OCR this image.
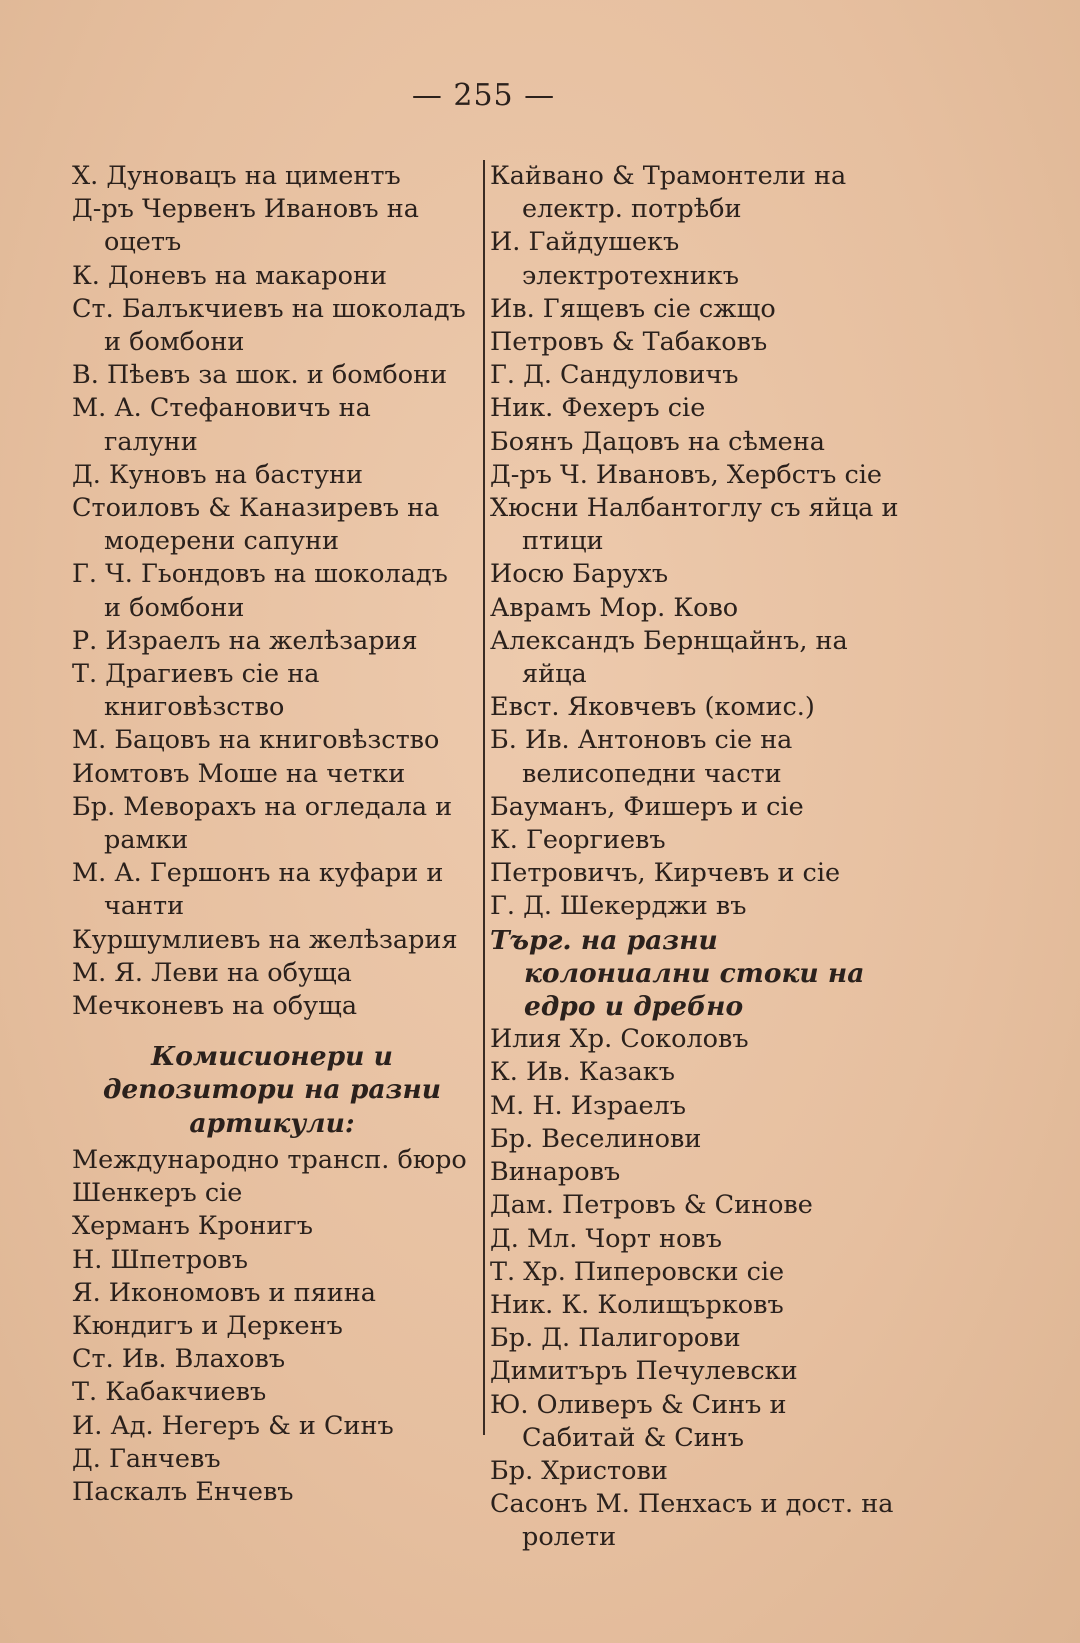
— 255 —
Х. Дуновацъ на циментъ
Д-ръ Червенъ Ивановъ на оцетъ
К. Доневъ на макарони
Ст. Балъкчиевъ на шоколадъ и бомбони
В. Пѣевъ за шок. и бомбони
М. А. Стефановичъ на галуни
Д. Куновъ на бастуни
Стоиловъ & Каназиревъ на модерени сапуни
Г. Ч. Гьондовъ на шоколадъ и бомбони
Р. Израелъ на желѣзария
Т. Драгиевъ сіе на книговѣзство
М. Бацовъ на книговѣзство
Иомтовъ Моше на четки
Бр. Меворахъ на огледала и рамки
М. А. Гершонъ на куфари и чанти
Куршумлиевъ на желѣзария
М. Я. Леви на обуща
Мечконевъ на обуща
Комисионери и депозитори на разни артикули:
Международно трансп. бюро
Шенкеръ сіе
Херманъ Кронигъ
Н. Шпетровъ
Я. Икономовъ и пяина
Кюндигъ и Деркенъ
Ст. Ив. Влаховъ
Т. Кабакчиевъ
И. Ад. Негеръ & и Синъ
Д. Ганчевъ
Паскалъ Енчевъ
Кайвано & Трамонтели на електр. потрѣби
И. Гайдушекъ электротехникъ
Ив. Гящевъ сіе сжщо
Петровъ & Табаковъ
Г. Д. Сандуловичъ
Ник. Фехеръ сіе
Боянъ Дацовъ на сѣмена
Д-ръ Ч. Ивановъ, Хербстъ сіе
Хюсни Налбантоглу съ яйца и птици
Иосю Барухъ
Аврамъ Мор. Ково
Александъ Бернщайнъ, на яйца
Евст. Яковчевъ (комис.)
Б. Ив. Антоновъ сіе на велисопедни части
Бауманъ, Фишеръ и сіе
К. Георгиевъ
Петровичъ, Кирчевъ и сіе
Г. Д. Шекерджи въ
Търг. на разни колониални стоки на едро и дребно
Илия Хр. Соколовъ
К. Ив. Казакъ
М. Н. Израелъ
Бр. Веселинови
Винаровъ
Дам. Петровъ & Синове
Д. Мл. Чорт новъ
Т. Хр. Пиперовски сіе
Ник. К. Колищърковъ
Бр. Д. Палигорови
Димитъръ Печулевски
Ю. Оливеръ & Синъ и Сабитай & Синъ
Бр. Христови
Сасонъ М. Пенхасъ и дост. на ролети
